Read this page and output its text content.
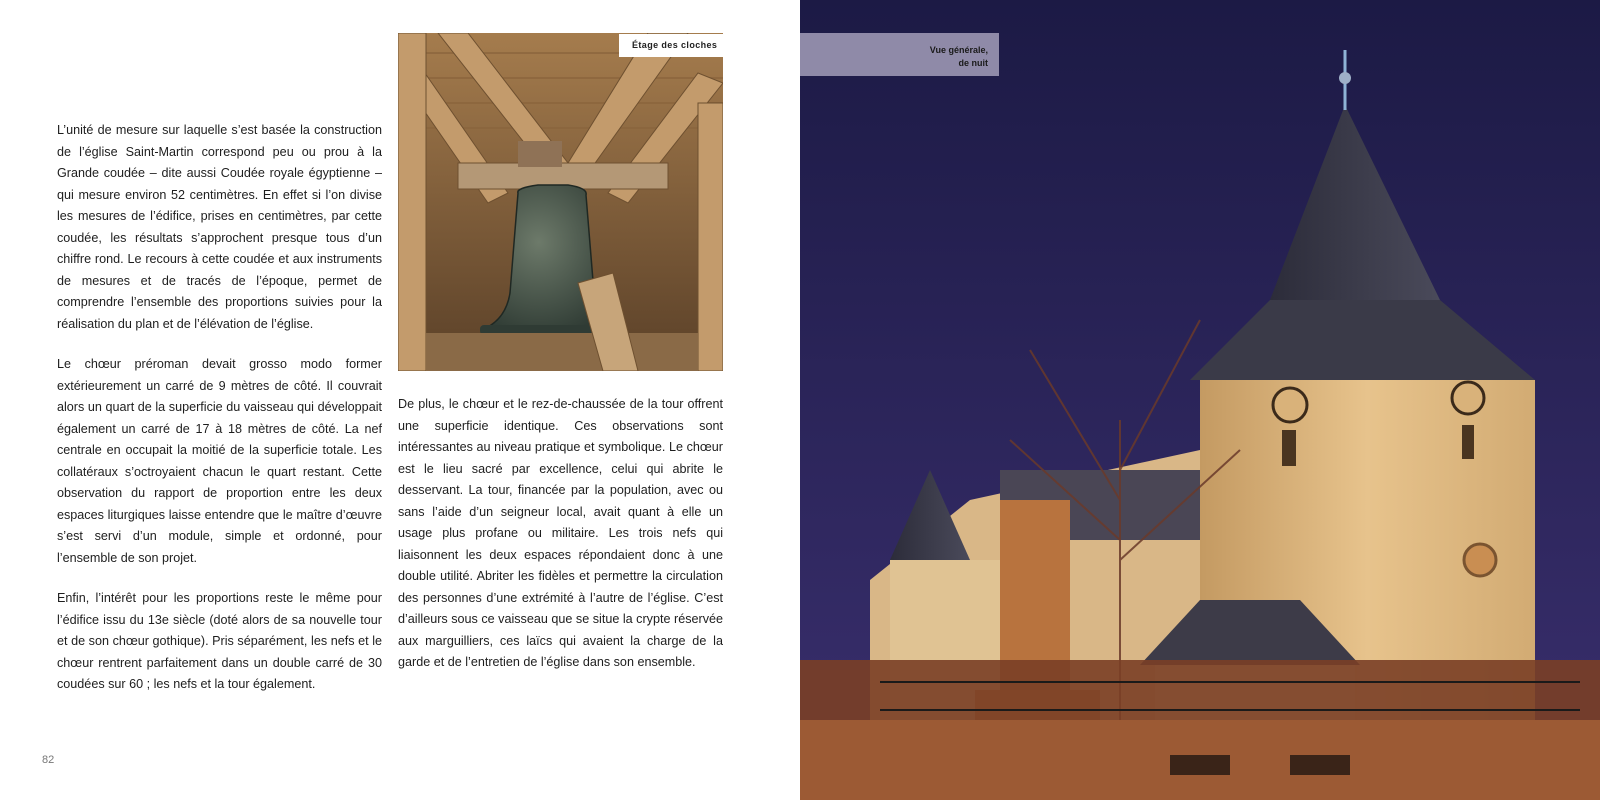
L’unité de mesure sur laquelle s’est basée la construction de l’église Saint-Martin correspond peu ou prou à la Grande coudée – dite aussi Coudée royale égyptienne – qui mesure environ 52 centimètres. En effet si l’on divise les mesures de l’édifice, prises en centimètres, par cette coudée, les résultats s’approchent presque tous d’un chiffre rond. Le recours à cette coudée et aux instruments de mesures et de tracés de l’époque, permet de comprendre l’ensemble des proportions suivies pour la réalisation du plan et de l’élévation de l’église.

Le chœur préroman devait grosso modo former extérieurement un carré de 9 mètres de côté. Il couvrait alors un quart de la superficie du vaisseau qui développait également un carré de 17 à 18 mètres de côté. La nef centrale en occupait la moitié de la superficie totale. Les collatéraux s’octroyaient chacun le quart restant. Cette observation du rapport de proportion entre les deux espaces liturgiques laisse entendre que le maître d’œuvre s’est servi d’un module, simple et ordonné, pour l’ensemble de son projet.

Enfin, l’intérêt pour les proportions reste le même pour l’édifice issu du 13e siècle (doté alors de sa nouvelle tour et de son chœur gothique). Pris séparément, les nefs et le chœur rentrent parfaitement dans un double carré de 30 coudées sur 60 ; les nefs et la tour également.

Étage des cloches

De plus, le chœur et le rez-de-chaussée de la tour offrent une superficie identique. Ces observations sont intéressantes au niveau pratique et symbolique. Le chœur est le lieu sacré par excellence, celui qui abrite le desservant. La tour, financée par la population, avec ou sans l’aide d’un seigneur local, avait quant à elle un usage plus profane ou militaire. Les trois nefs qui liaisonnent les deux espaces répondaient donc à une double utilité. Abriter les fidèles et permettre la circulation des personnes d’une extrémité à l’autre de l’église. C’est d’ailleurs sous ce vaisseau que se situe la crypte réservée aux marguilliers, ces laïcs qui avaient la charge de la garde et de l’entretien de l’église dans son ensemble.

82
Vue générale,
de nuit
